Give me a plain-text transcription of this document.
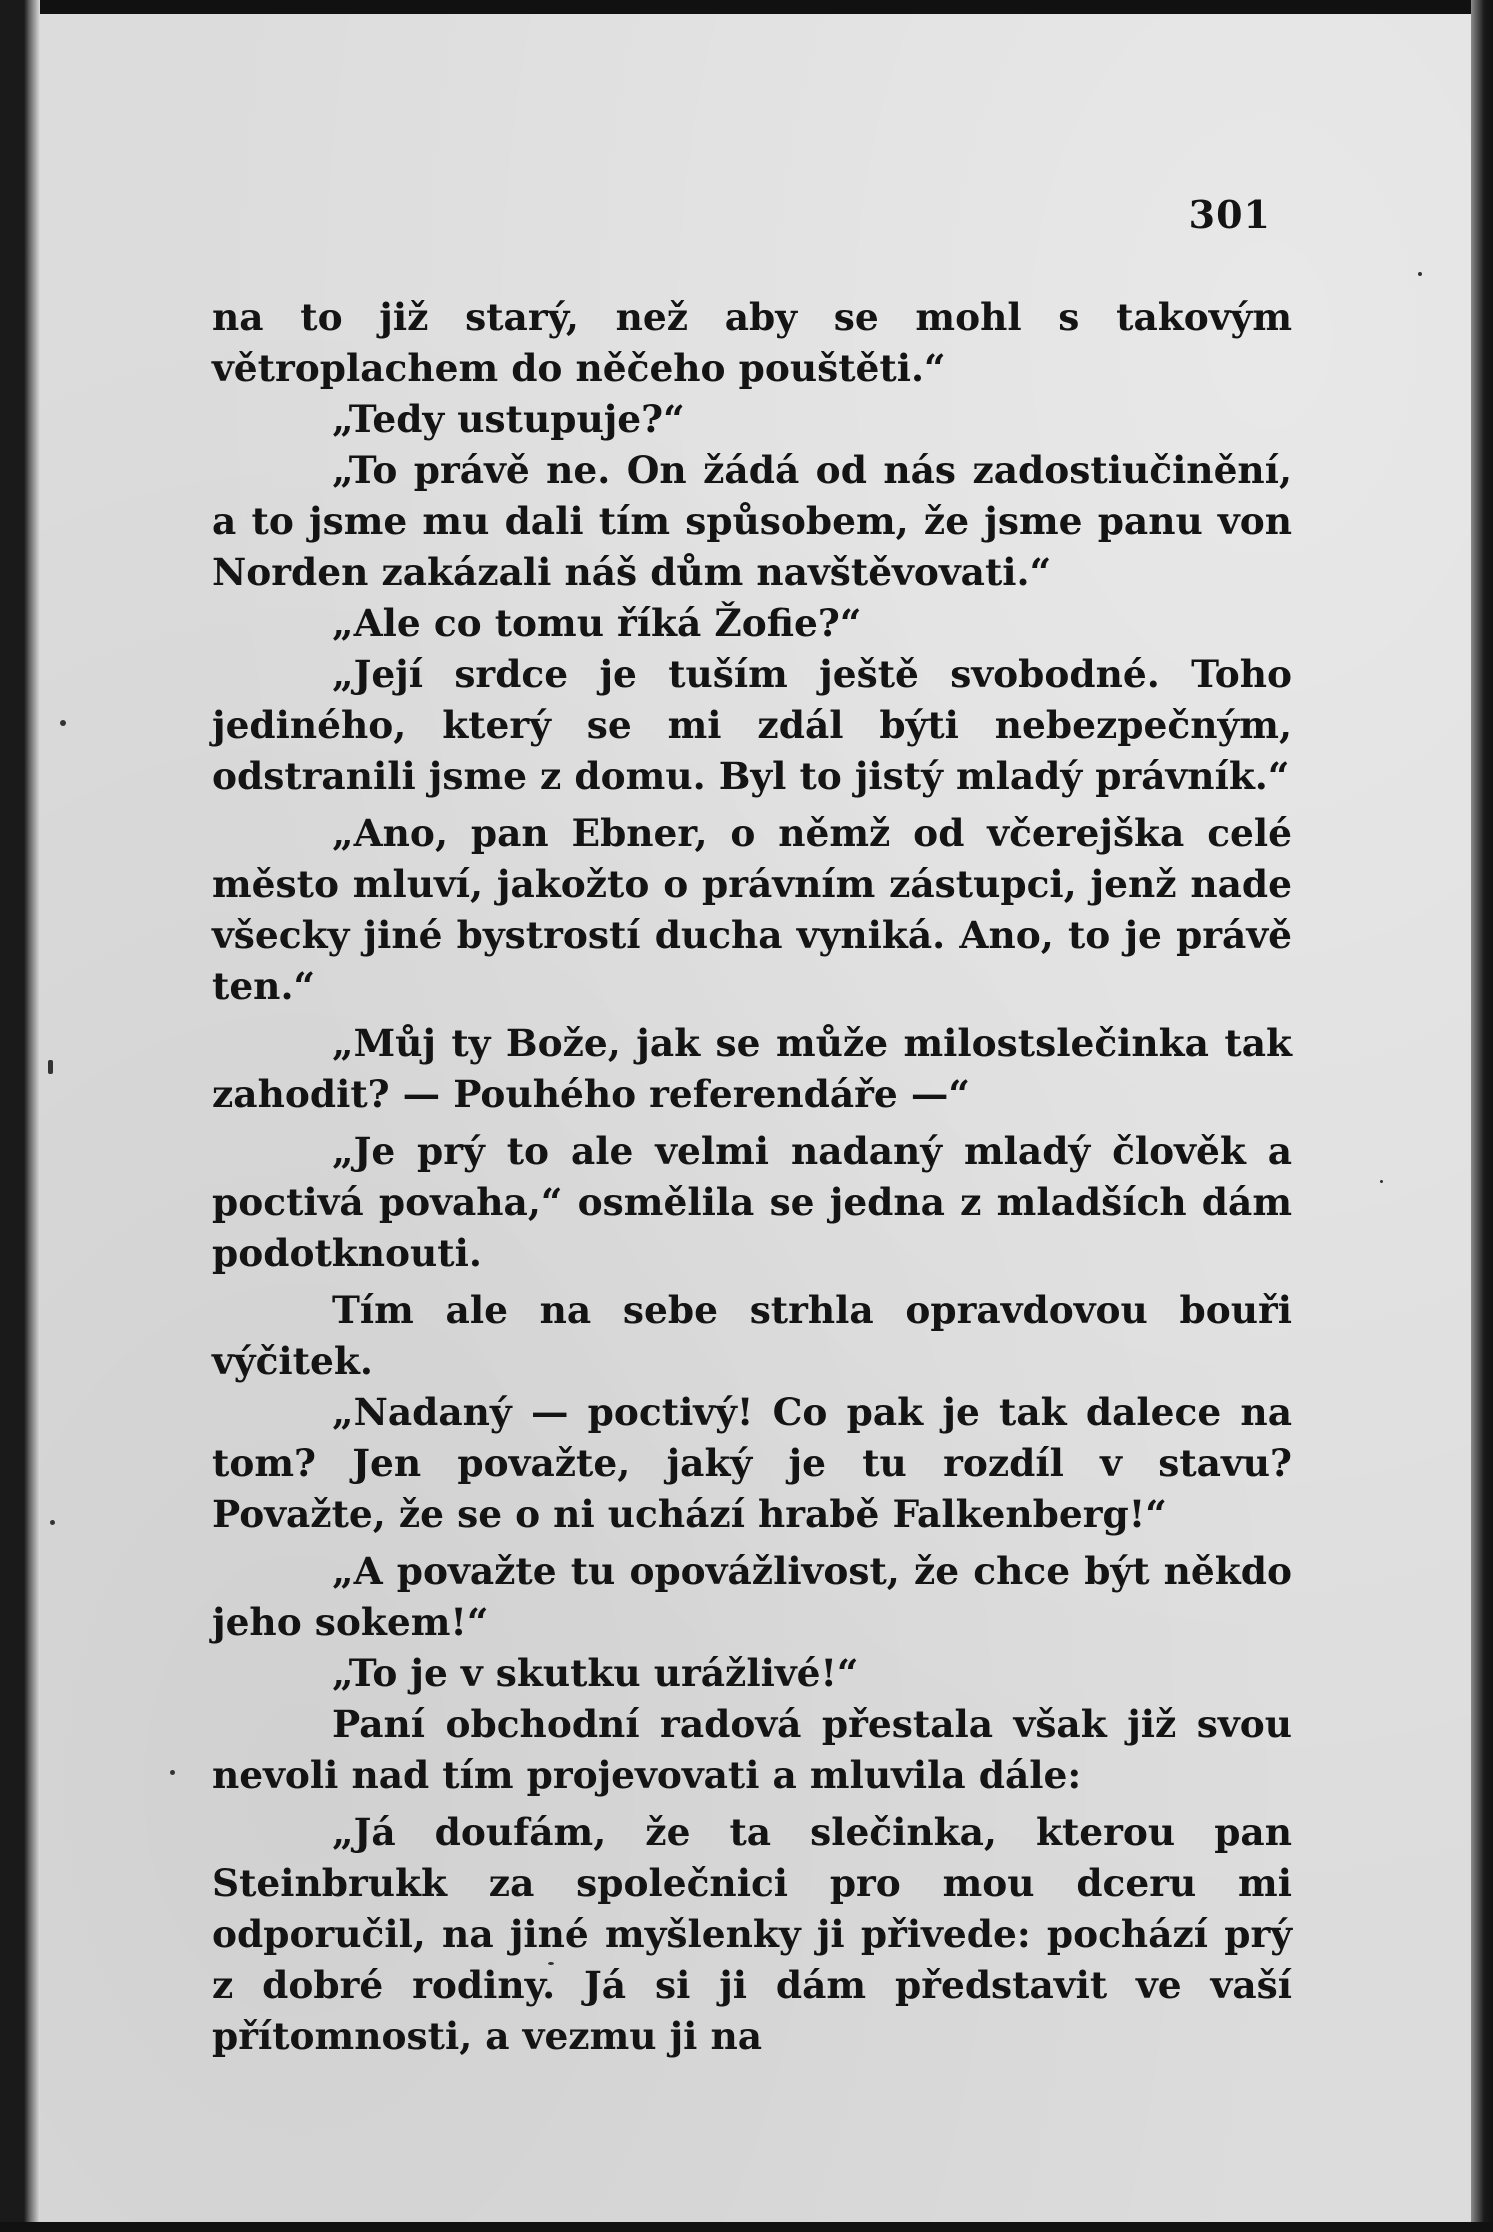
301

na to již starý, než aby se mohl s takovým větroplachem do něčeho pouštěti.“

„Tedy ustupuje?“

„To právě ne. On žádá od nás zadostiučinění, a to jsme mu dali tím spůsobem, že jsme panu von Norden zakázali náš dům navštěvovati.“

„Ale co tomu říká Žofie?“

„Její srdce je tuším ještě svobodné. Toho jediného, který se mi zdál býti nebezpečným, odstranili jsme z domu. Byl to jistý mladý právník.“

„Ano, pan Ebner, o němž od včerejška celé město mluví, jakožto o právním zástupci, jenž nade všecky jiné bystrostí ducha vyniká. Ano, to je právě ten.“

„Můj ty Bože, jak se může milostslečinka tak zahodit? — Pouhého referendáře —“

„Je prý to ale velmi nadaný mladý člověk a poctivá povaha,“ osmělila se jedna z mladších dám podotknouti.

Tím ale na sebe strhla opravdovou bouři výčitek.

„Nadaný — poctivý! Co pak je tak dalece na tom? Jen považte, jaký je tu rozdíl v stavu? Považte, že se o ni uchází hrabě Falkenberg!“

„A považte tu opovážlivost, že chce být někdo jeho sokem!“

„To je v skutku urážlivé!“

Paní obchodní radová přestala však již svou nevoli nad tím projevovati a mluvila dále:

„Já doufám, že ta slečinka, kterou pan Steinbrukk za společnici pro mou dceru mi odporučil, na jiné myšlenky ji přivede: pochází prý z dobré rodiny. Já si ji dám představit ve vaší přítomnosti, a vezmu ji na
